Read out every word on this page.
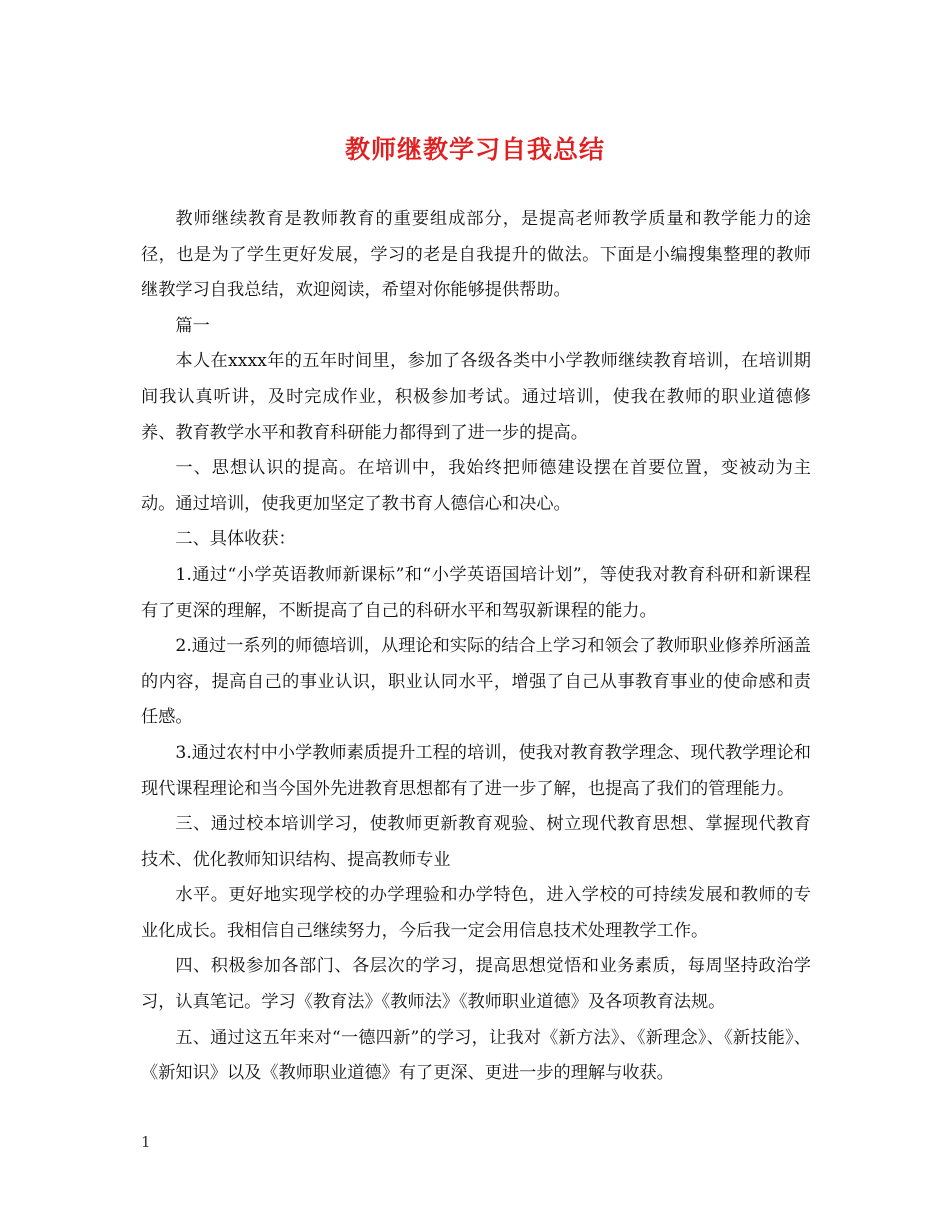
教师继教学习自我总结

教师继续教育是教师教育的重要组成部分，是提高老师教学质量和教学能力的途径，也是为了学生更好发展，学习的老是自我提升的做法。下面是小编搜集整理的教师继教学习自我总结，欢迎阅读，希望对你能够提供帮助。

篇一

本人在xxxx年的五年时间里，参加了各级各类中小学教师继续教育培训，在培训期间我认真听讲，及时完成作业，积极参加考试。通过培训，使我在教师的职业道德修养、教育教学水平和教育科研能力都得到了进一步的提高。

一、思想认识的提高。在培训中，我始终把师德建设摆在首要位置，变被动为主动。通过培训，使我更加坚定了教书育人德信心和决心。

二、具体收获：

1.通过“小学英语教师新课标”和“小学英语国培计划”，等使我对教育科研和新课程有了更深的理解，不断提高了自己的科研水平和驾驭新课程的能力。

2.通过一系列的师德培训，从理论和实际的结合上学习和领会了教师职业修养所涵盖的内容，提高自己的事业认识，职业认同水平，增强了自己从事教育事业的使命感和责任感。

3.通过农村中小学教师素质提升工程的培训，使我对教育教学理念、现代教学理论和现代课程理论和当今国外先进教育思想都有了进一步了解，也提高了我们的管理能力。

三、通过校本培训学习，使教师更新教育观验、树立现代教育思想、掌握现代教育技术、优化教师知识结构、提高教师专业

水平。更好地实现学校的办学理验和办学特色，进入学校的可持续发展和教师的专业化成长。我相信自己继续努力，今后我一定会用信息技术处理教学工作。

四、积极参加各部门、各层次的学习，提高思想觉悟和业务素质，每周坚持政治学习，认真笔记。学习《教育法》《教师法》《教师职业道德》及各项教育法规。

五、通过这五年来对“一德四新”的学习，让我对《新方法》、《新理念》、《新技能》、《新知识》以及《教师职业道德》有了更深、更进一步的理解与收获。

1
